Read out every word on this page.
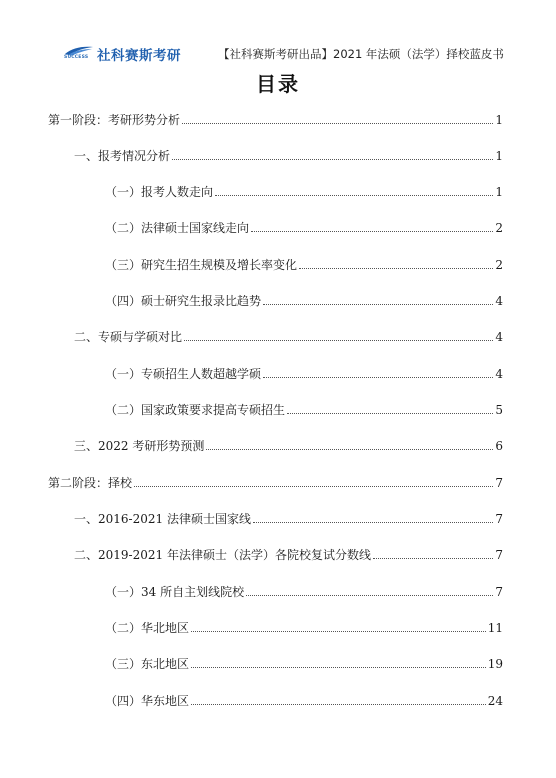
SUCCESS 社科赛斯考研	【社科赛斯考研出品】2021 年法硕（法学）择校蓝皮书
目录
第一阶段：考研形势分析	1
一、报考情况分析	1
（一）报考人数走向	1
（二）法律硕士国家线走向	2
（三）研究生招生规模及增长率变化	2
（四）硕士研究生报录比趋势	4
二、专硕与学硕对比	4
（一）专硕招生人数超越学硕	4
（二）国家政策要求提高专硕招生	5
三、2022 考研形势预测	6
第二阶段：择校	7
一、2016-2021 法律硕士国家线	7
二、2019-2021 年法律硕士（法学）各院校复试分数线	7
（一）34 所自主划线院校	7
（二）华北地区	11
（三）东北地区	19
（四）华东地区	24
